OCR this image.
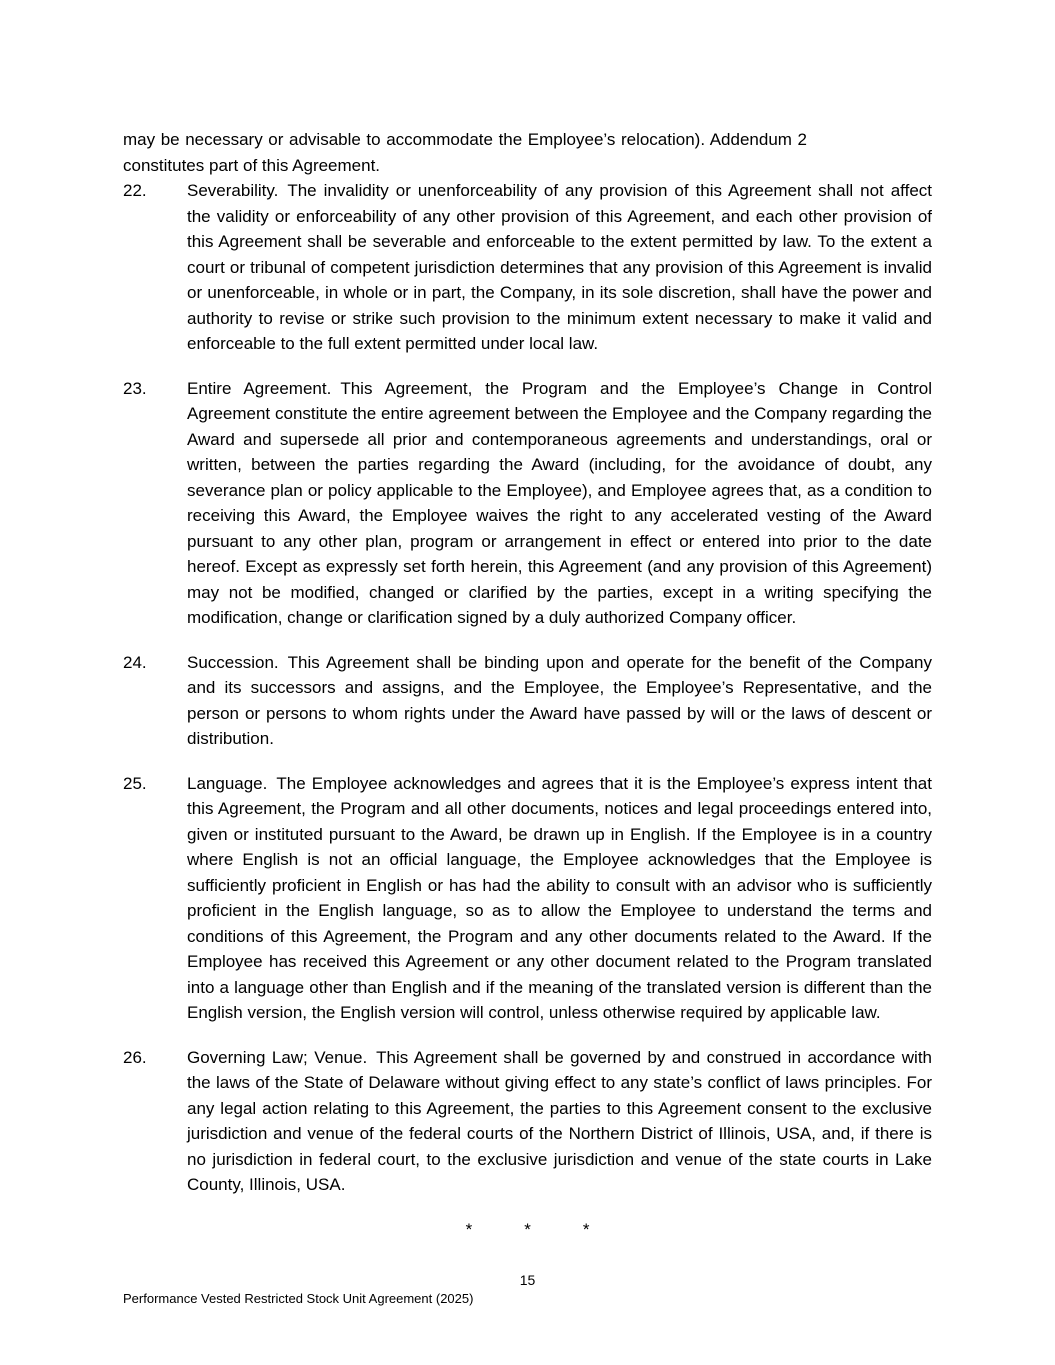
may be necessary or advisable to accommodate the Employee’s relocation). Addendum 2 constitutes part of this Agreement.

22.	Severability. The invalidity or unenforceability of any provision of this Agreement shall not affect the validity or enforceability of any other provision of this Agreement, and each other provision of this Agreement shall be severable and enforceable to the extent permitted by law. To the extent a court or tribunal of competent jurisdiction determines that any provision of this Agreement is invalid or unenforceable, in whole or in part, the Company, in its sole discretion, shall have the power and authority to revise or strike such provision to the minimum extent necessary to make it valid and enforceable to the full extent permitted under local law.

23.	Entire Agreement. This Agreement, the Program and the Employee’s Change in Control Agreement constitute the entire agreement between the Employee and the Company regarding the Award and supersede all prior and contemporaneous agreements and understandings, oral or written, between the parties regarding the Award (including, for the avoidance of doubt, any severance plan or policy applicable to the Employee), and Employee agrees that, as a condition to receiving this Award, the Employee waives the right to any accelerated vesting of the Award pursuant to any other plan, program or arrangement in effect or entered into prior to the date hereof. Except as expressly set forth herein, this Agreement (and any provision of this Agreement) may not be modified, changed or clarified by the parties, except in a writing specifying the modification, change or clarification signed by a duly authorized Company officer.

24.	Succession. This Agreement shall be binding upon and operate for the benefit of the Company and its successors and assigns, and the Employee, the Employee’s Representative, and the person or persons to whom rights under the Award have passed by will or the laws of descent or distribution.

25.	Language. The Employee acknowledges and agrees that it is the Employee’s express intent that this Agreement, the Program and all other documents, notices and legal proceedings entered into, given or instituted pursuant to the Award, be drawn up in English. If the Employee is in a country where English is not an official language, the Employee acknowledges that the Employee is sufficiently proficient in English or has had the ability to consult with an advisor who is sufficiently proficient in the English language, so as to allow the Employee to understand the terms and conditions of this Agreement, the Program and any other documents related to the Award. If the Employee has received this Agreement or any other document related to the Program translated into a language other than English and if the meaning of the translated version is different than the English version, the English version will control, unless otherwise required by applicable law.

26.	Governing Law; Venue. This Agreement shall be governed by and construed in accordance with the laws of the State of Delaware without giving effect to any state’s conflict of laws principles. For any legal action relating to this Agreement, the parties to this Agreement consent to the exclusive jurisdiction and venue of the federal courts of the Northern District of Illinois, USA, and, if there is no jurisdiction in federal court, to the exclusive jurisdiction and venue of the state courts in Lake County, Illinois, USA.

*	*	*
15
Performance Vested Restricted Stock Unit Agreement (2025)
